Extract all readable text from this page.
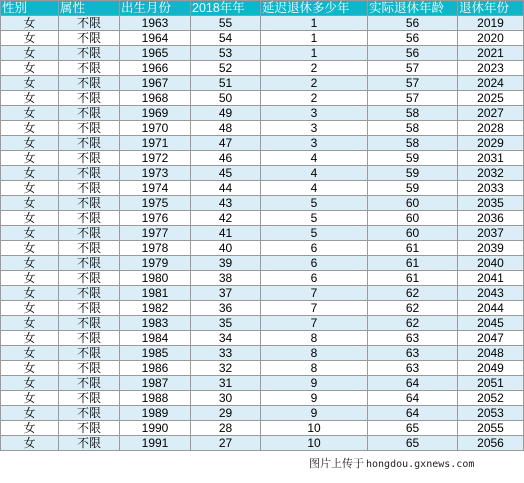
性别	属性	出生月份	2018年年	延迟退休多少年	实际退休年龄	退休年份
女	不限	1963	55	1	56	2019
女	不限	1964	54	1	56	2020
女	不限	1965	53	1	56	2021
女	不限	1966	52	2	57	2023
女	不限	1967	51	2	57	2024
女	不限	1968	50	2	57	2025
女	不限	1969	49	3	58	2027
女	不限	1970	48	3	58	2028
女	不限	1971	47	3	58	2029
女	不限	1972	46	4	59	2031
女	不限	1973	45	4	59	2032
女	不限	1974	44	4	59	2033
女	不限	1975	43	5	60	2035
女	不限	1976	42	5	60	2036
女	不限	1977	41	5	60	2037
女	不限	1978	40	6	61	2039
女	不限	1979	39	6	61	2040
女	不限	1980	38	6	61	2041
女	不限	1981	37	7	62	2043
女	不限	1982	36	7	62	2044
女	不限	1983	35	7	62	2045
女	不限	1984	34	8	63	2047
女	不限	1985	33	8	63	2048
女	不限	1986	32	8	63	2049
女	不限	1987	31	9	64	2051
女	不限	1988	30	9	64	2052
女	不限	1989	29	9	64	2053
女	不限	1990	28	10	65	2055
女	不限	1991	27	10	65	2056
图片上传于 hongdou.gxnews.com
